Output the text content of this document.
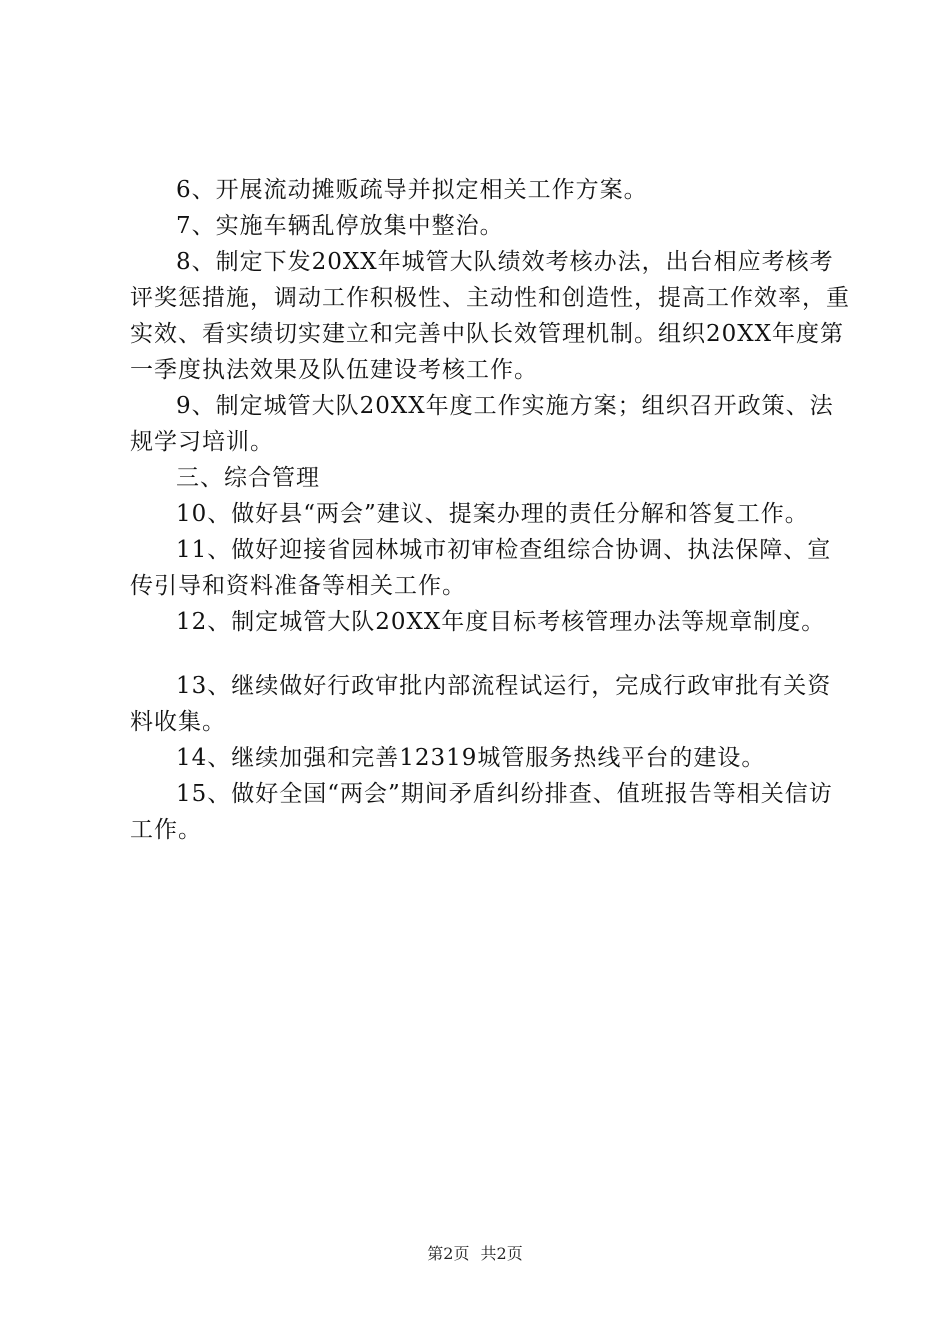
6、开展流动摊贩疏导并拟定相关工作方案。

7、实施车辆乱停放集中整治。

8、制定下发20XX年城管大队绩效考核办法，出台相应考核考评奖惩措施，调动工作积极性、主动性和创造性，提高工作效率，重实效、看实绩切实建立和完善中队长效管理机制。组织20XX年度第一季度执法效果及队伍建设考核工作。

9、制定城管大队20XX年度工作实施方案；组织召开政策、法规学习培训。

三、综合管理

10、做好县“两会”建议、提案办理的责任分解和答复工作。

11、做好迎接省园林城市初审检查组综合协调、执法保障、宣传引导和资料准备等相关工作。

12、制定城管大队20XX年度目标考核管理办法等规章制度。

13、继续做好行政审批内部流程试运行，完成行政审批有关资料收集。

14、继续加强和完善12319城管服务热线平台的建设。

15、做好全国“两会”期间矛盾纠纷排查、值班报告等相关信访工作。

第2页 共2页
